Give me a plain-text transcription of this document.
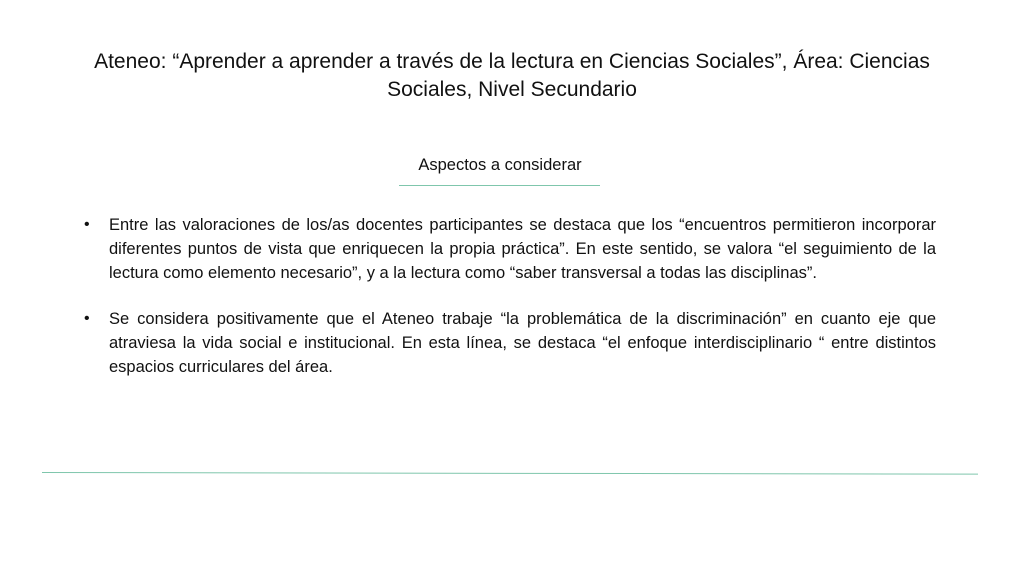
Ateneo: “Aprender a aprender a través de la lectura en Ciencias Sociales”, Área: Ciencias Sociales, Nivel Secundario
Aspectos a considerar
• Entre las valoraciones de los/as docentes participantes se destaca que los “encuentros permitieron incorporar diferentes puntos de vista que enriquecen la propia práctica”. En este sentido, se valora “el seguimiento de la lectura como elemento necesario”, y a la lectura como “saber transversal a todas las disciplinas”.
• Se considera positivamente que el Ateneo trabaje “la problemática de la discriminación” en cuanto eje que atraviesa la vida social e institucional. En esta línea, se destaca “el enfoque interdisciplinario “ entre distintos espacios curriculares del área.
